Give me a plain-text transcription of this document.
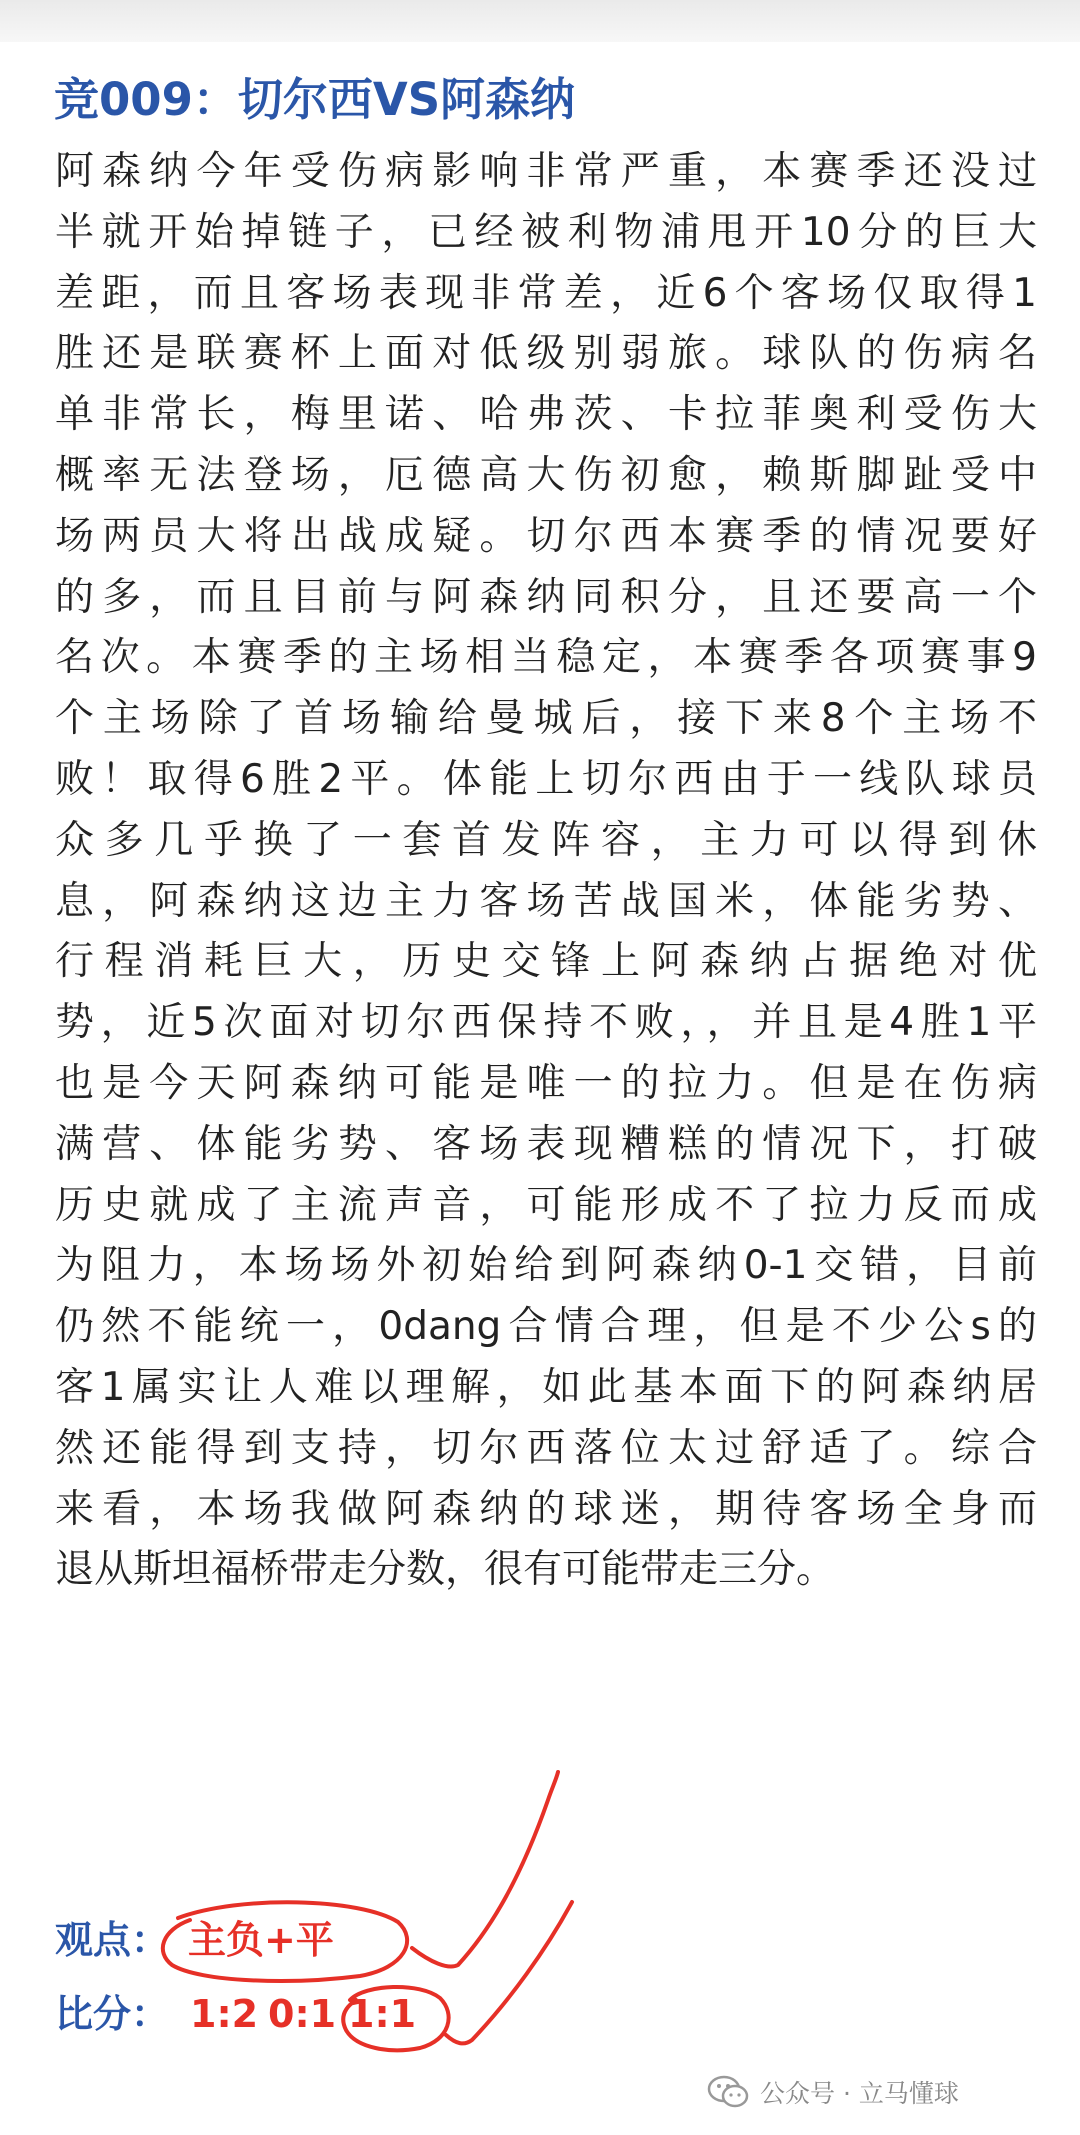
竞009：切尔西VS阿森纳
阿森纳今年受伤病影响非常严重，本赛季还没过
半就开始掉链子，已经被利物浦甩开10分的巨大
差距，而且客场表现非常差，近6个客场仅取得1
胜还是联赛杯上面对低级别弱旅。球队的伤病名
单非常长，梅里诺、哈弗茨、卡拉菲奥利受伤大
概率无法登场，厄德高大伤初愈，赖斯脚趾受中
场两员大将出战成疑。切尔西本赛季的情况要好
的多，而且目前与阿森纳同积分，且还要高一个
名次。本赛季的主场相当稳定，本赛季各项赛事9
个主场除了首场输给曼城后，接下来8个主场不
败！取得6胜2平。体能上切尔西由于一线队球员
众多几乎换了一套首发阵容，主力可以得到休
息，阿森纳这边主力客场苦战国米，体能劣势、
行程消耗巨大，历史交锋上阿森纳占据绝对优
势，近5次面对切尔西保持不败，，并且是4胜1平
也是今天阿森纳可能是唯一的拉力。但是在伤病
满营、体能劣势、客场表现糟糕的情况下，打破
历史就成了主流声音，可能形成不了拉力反而成
为阻力，本场场外初始给到阿森纳0-1交错，目前
仍然不能统一，0dang合情合理，但是不少公s的
客1属实让人难以理解，如此基本面下的阿森纳居
然还能得到支持，切尔西落位太过舒适了。综合
来看，本场我做阿森纳的球迷，期待客场全身而
退从斯坦福桥带走分数，很有可能带走三分。
观点： 主负+平
比分： 1:2 0:1 1:1
公众号 · 立马懂球
